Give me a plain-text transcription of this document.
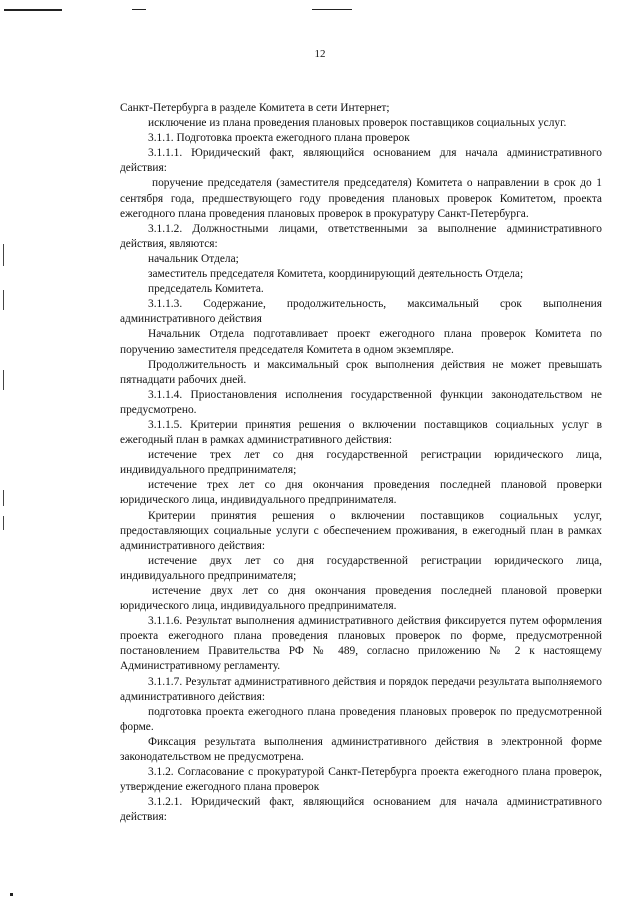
12

Санкт-Петербурга в разделе Комитета в сети Интернет;

исключение из плана проведения плановых проверок поставщиков социальных услуг.

3.1.1. Подготовка проекта ежегодного плана проверок

3.1.1.1. Юридический факт, являющийся основанием для начала административного действия:

поручение председателя (заместителя председателя) Комитета о направлении в срок до 1 сентября года, предшествующего году проведения плановых проверок Комитетом, проекта ежегодного плана проведения плановых проверок в прокуратуру Санкт-Петербурга.

3.1.1.2. Должностными лицами, ответственными за выполнение административного действия, являются:

начальник Отдела;

заместитель председателя Комитета, координирующий деятельность Отдела;

председатель Комитета.

3.1.1.3. Содержание, продолжительность, максимальный срок выполнения административного действия

Начальник Отдела подготавливает проект ежегодного плана проверок Комитета по поручению заместителя председателя Комитета в одном экземпляре.

Продолжительность и максимальный срок выполнения действия не может превышать пятнадцати рабочих дней.

3.1.1.4. Приостановления исполнения государственной функции законодательством не предусмотрено.

3.1.1.5. Критерии принятия решения о включении поставщиков социальных услуг в ежегодный план в рамках административного действия:

истечение трех лет со дня государственной регистрации юридического лица, индивидуального предпринимателя;

истечение трех лет со дня окончания проведения последней плановой проверки юридического лица, индивидуального предпринимателя.

Критерии принятия решения о включении поставщиков социальных услуг, предоставляющих социальные услуги с обеспечением проживания, в ежегодный план в рамках административного действия:

истечение двух лет со дня государственной регистрации юридического лица, индивидуального предпринимателя;

истечение двух лет со дня окончания проведения последней плановой проверки юридического лица, индивидуального предпринимателя.

3.1.1.6. Результат выполнения административного действия фиксируется путем оформления проекта ежегодного плана проведения плановых проверок по форме, предусмотренной постановлением Правительства РФ № 489, согласно приложению № 2 к настоящему Административному регламенту.

3.1.1.7. Результат административного действия и порядок передачи результата выполняемого административного действия:

подготовка проекта ежегодного плана проведения плановых проверок по предусмотренной форме.

Фиксация результата выполнения административного действия в электронной форме законодательством не предусмотрена.

3.1.2. Согласование с прокуратурой Санкт-Петербурга проекта ежегодного плана проверок, утверждение ежегодного плана проверок

3.1.2.1. Юридический факт, являющийся основанием для начала административного действия:
